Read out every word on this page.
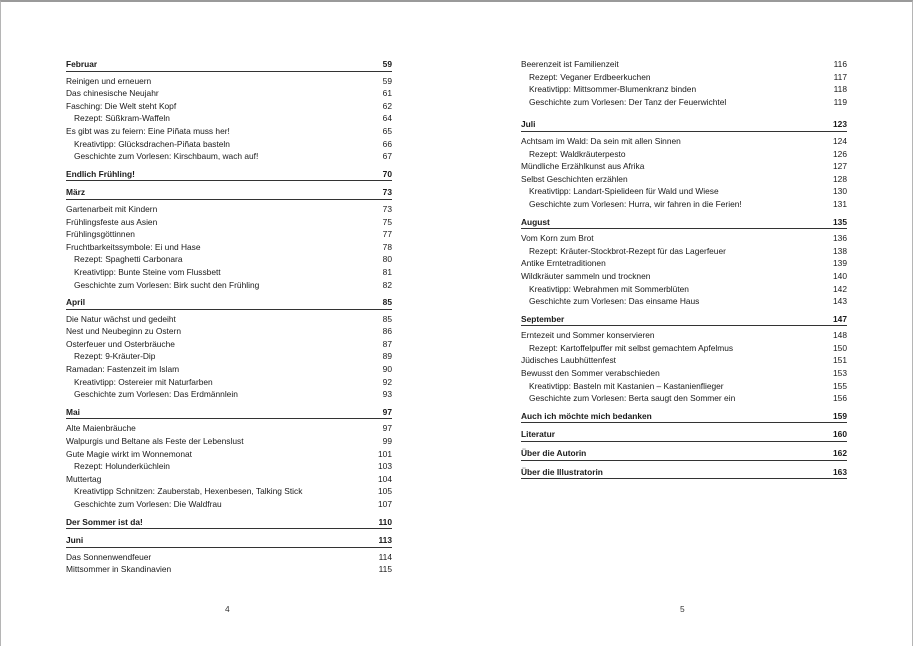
Februar	59
Reinigen und erneuern	59
Das chinesische Neujahr	61
Fasching: Die Welt steht Kopf	62
Rezept: Süßkram-Waffeln	64
Es gibt was zu feiern: Eine Piñata muss her!	65
Kreativtipp: Glücksdrachen-Piñata basteln	66
Geschichte zum Vorlesen: Kirschbaum, wach auf!	67
Endlich Frühling!	70
März	73
Gartenarbeit mit Kindern	73
Frühlingsfeste aus Asien	75
Frühlingsgöttinnen	77
Fruchtbarkeitssymbole: Ei und Hase	78
Rezept: Spaghetti Carbonara	80
Kreativtipp: Bunte Steine vom Flussbett	81
Geschichte zum Vorlesen: Birk sucht den Frühling	82
April	85
Die Natur wächst und gedeiht	85
Nest und Neubeginn zu Ostern	86
Osterfeuer und Osterbräuche	87
Rezept: 9-Kräuter-Dip	89
Ramadan: Fastenzeit im Islam	90
Kreativtipp: Ostereier mit Naturfarben	92
Geschichte zum Vorlesen: Das Erdmännlein	93
Mai	97
Alte Maienbräuche	97
Walpurgis und Beltane als Feste der Lebenslust	99
Gute Magie wirkt im Wonnemonat	101
Rezept: Holunderküchlein	103
Muttertag	104
Kreativtipp Schnitzen: Zauberstab, Hexenbesen, Talking Stick	105
Geschichte zum Vorlesen: Die Waldfrau	107
Der Sommer ist da!	110
Juni	113
Das Sonnenwendfeuer	114
Mittsommer in Skandinavien	115
Beerenzeit ist Familienzeit	116
Rezept: Veganer Erdbeerkuchen	117
Kreativtipp: Mittsommer-Blumenkranz binden	118
Geschichte zum Vorlesen: Der Tanz der Feuerwichtel	119
Juli	123
Achtsam im Wald: Da sein mit allen Sinnen	124
Rezept: Waldkräuterpesto	126
Mündliche Erzählkunst aus Afrika	127
Selbst Geschichten erzählen	128
Kreativtipp: Landart-Spielideen für Wald und Wiese	130
Geschichte zum Vorlesen: Hurra, wir fahren in die Ferien!	131
August	135
Vom Korn zum Brot	136
Rezept: Kräuter-Stockbrot-Rezept für das Lagerfeuer	138
Antike Erntetraditionen	139
Wildkräuter sammeln und trocknen	140
Kreativtipp: Webrahmen mit Sommerblüten	142
Geschichte zum Vorlesen: Das einsame Haus	143
September	147
Erntezeit und Sommer konservieren	148
Rezept: Kartoffelpuffer mit selbst gemachtem Apfelmus	150
Jüdisches Laubhüttenfest	151
Bewusst den Sommer verabschieden	153
Kreativtipp: Basteln mit Kastanien – Kastanienflieger	155
Geschichte zum Vorlesen: Berta saugt den Sommer ein	156
Auch ich möchte mich bedanken	159
Literatur	160
Über die Autorin	162
Über die Illustratorin	163
4	5
